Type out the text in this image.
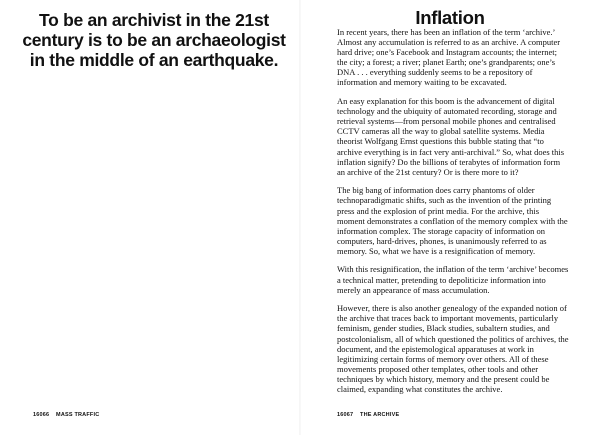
To be an archivist in the 21st century is to be an archaeologist in the middle of an earthquake.
16066 MASS TRAFFIC
Inflation

In recent years, there has been an inflation of the term ‘archive.’ Almost any accumulation is referred to as an archive. A computer hard drive; one’s Facebook and Instagram accounts; the internet; the city; a forest; a river; planet Earth; one’s grandparents; one’s DNA . . . everything suddenly seems to be a repository of information and memory waiting to be excavated.

An easy explanation for this boom is the advancement of digital technology and the ubiquity of automated recording, storage and retrieval systems—from personal mobile phones and centralised CCTV cameras all the way to global satellite systems. Media theorist Wolfgang Ernst questions this bubble stating that “to archive everything is in fact very anti-archival.” So, what does this inflation signify? Do the billions of terabytes of information form an archive of the 21st century? Or is there more to it?

The big bang of information does carry phantoms of older technoparadigmatic shifts, such as the invention of the printing press and the explosion of print media. For the archive, this moment demonstrates a conflation of the memory complex with the information complex. The storage capacity of information on computers, hard-drives, phones, is unanimously referred to as memory. So, what we have is a resignification of memory.

With this resignification, the inflation of the term ‘archive’ becomes a technical matter, pretending to depoliticize information into merely an appearance of mass accumulation.

However, there is also another genealogy of the expanded notion of the archive that traces back to important movements, particularly feminism, gender studies, Black studies, subaltern studies, and postcolonialism, all of which questioned the politics of archives, the document, and the epistemological apparatuses at work in legitimizing certain forms of memory over others. All of these movements proposed other templates, other tools and other techniques by which history, memory and the present could be claimed, expanding what constitutes the archive.

16067 THE ARCHIVE
